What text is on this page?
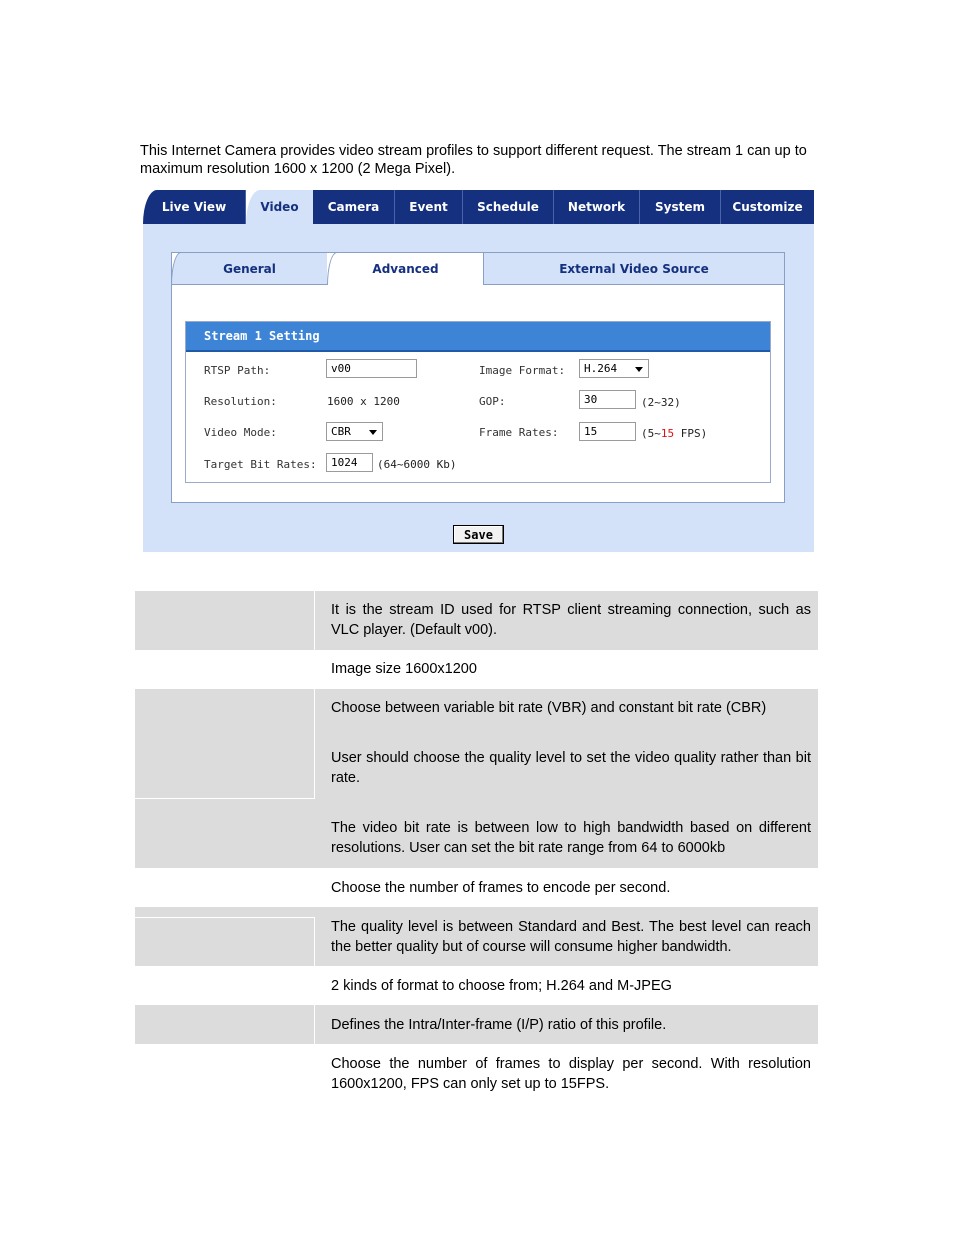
This Internet Camera provides video stream profiles to support different request. The stream 1 can up to maximum resolution 1600 x 1200 (2 Mega Pixel).
Live View	Video	Camera	Event	Schedule	Network	System	Customize
General	Advanced	External Video Source
Stream 1 Setting
RTSP Path:	v00
Resolution:	1600 x 1200
Video Mode:	CBR
Target Bit Rates:	1024	(64~6000 Kb)
Image Format:	H.264
GOP:	30	(2~32)
Frame Rates:	15	(5~15 FPS)
Save
It is the stream ID used for RTSP client streaming connection, such as VLC player. (Default v00).
Image size 1600x1200
Choose between variable bit rate (VBR) and constant bit rate (CBR)
User should choose the quality level to set the video quality rather than bit rate.
The video bit rate is between low to high bandwidth based on different resolutions. User can set the bit rate range from 64 to 6000kb
Choose the number of frames to encode per second.
The quality level is between Standard and Best. The best level can reach the better quality but of course will consume higher bandwidth.
2 kinds of format to choose from; H.264 and M-JPEG
Defines the Intra/Inter-frame (I/P) ratio of this profile.
Choose the number of frames to display per second. With resolution 1600x1200, FPS can only set up to 15FPS.
